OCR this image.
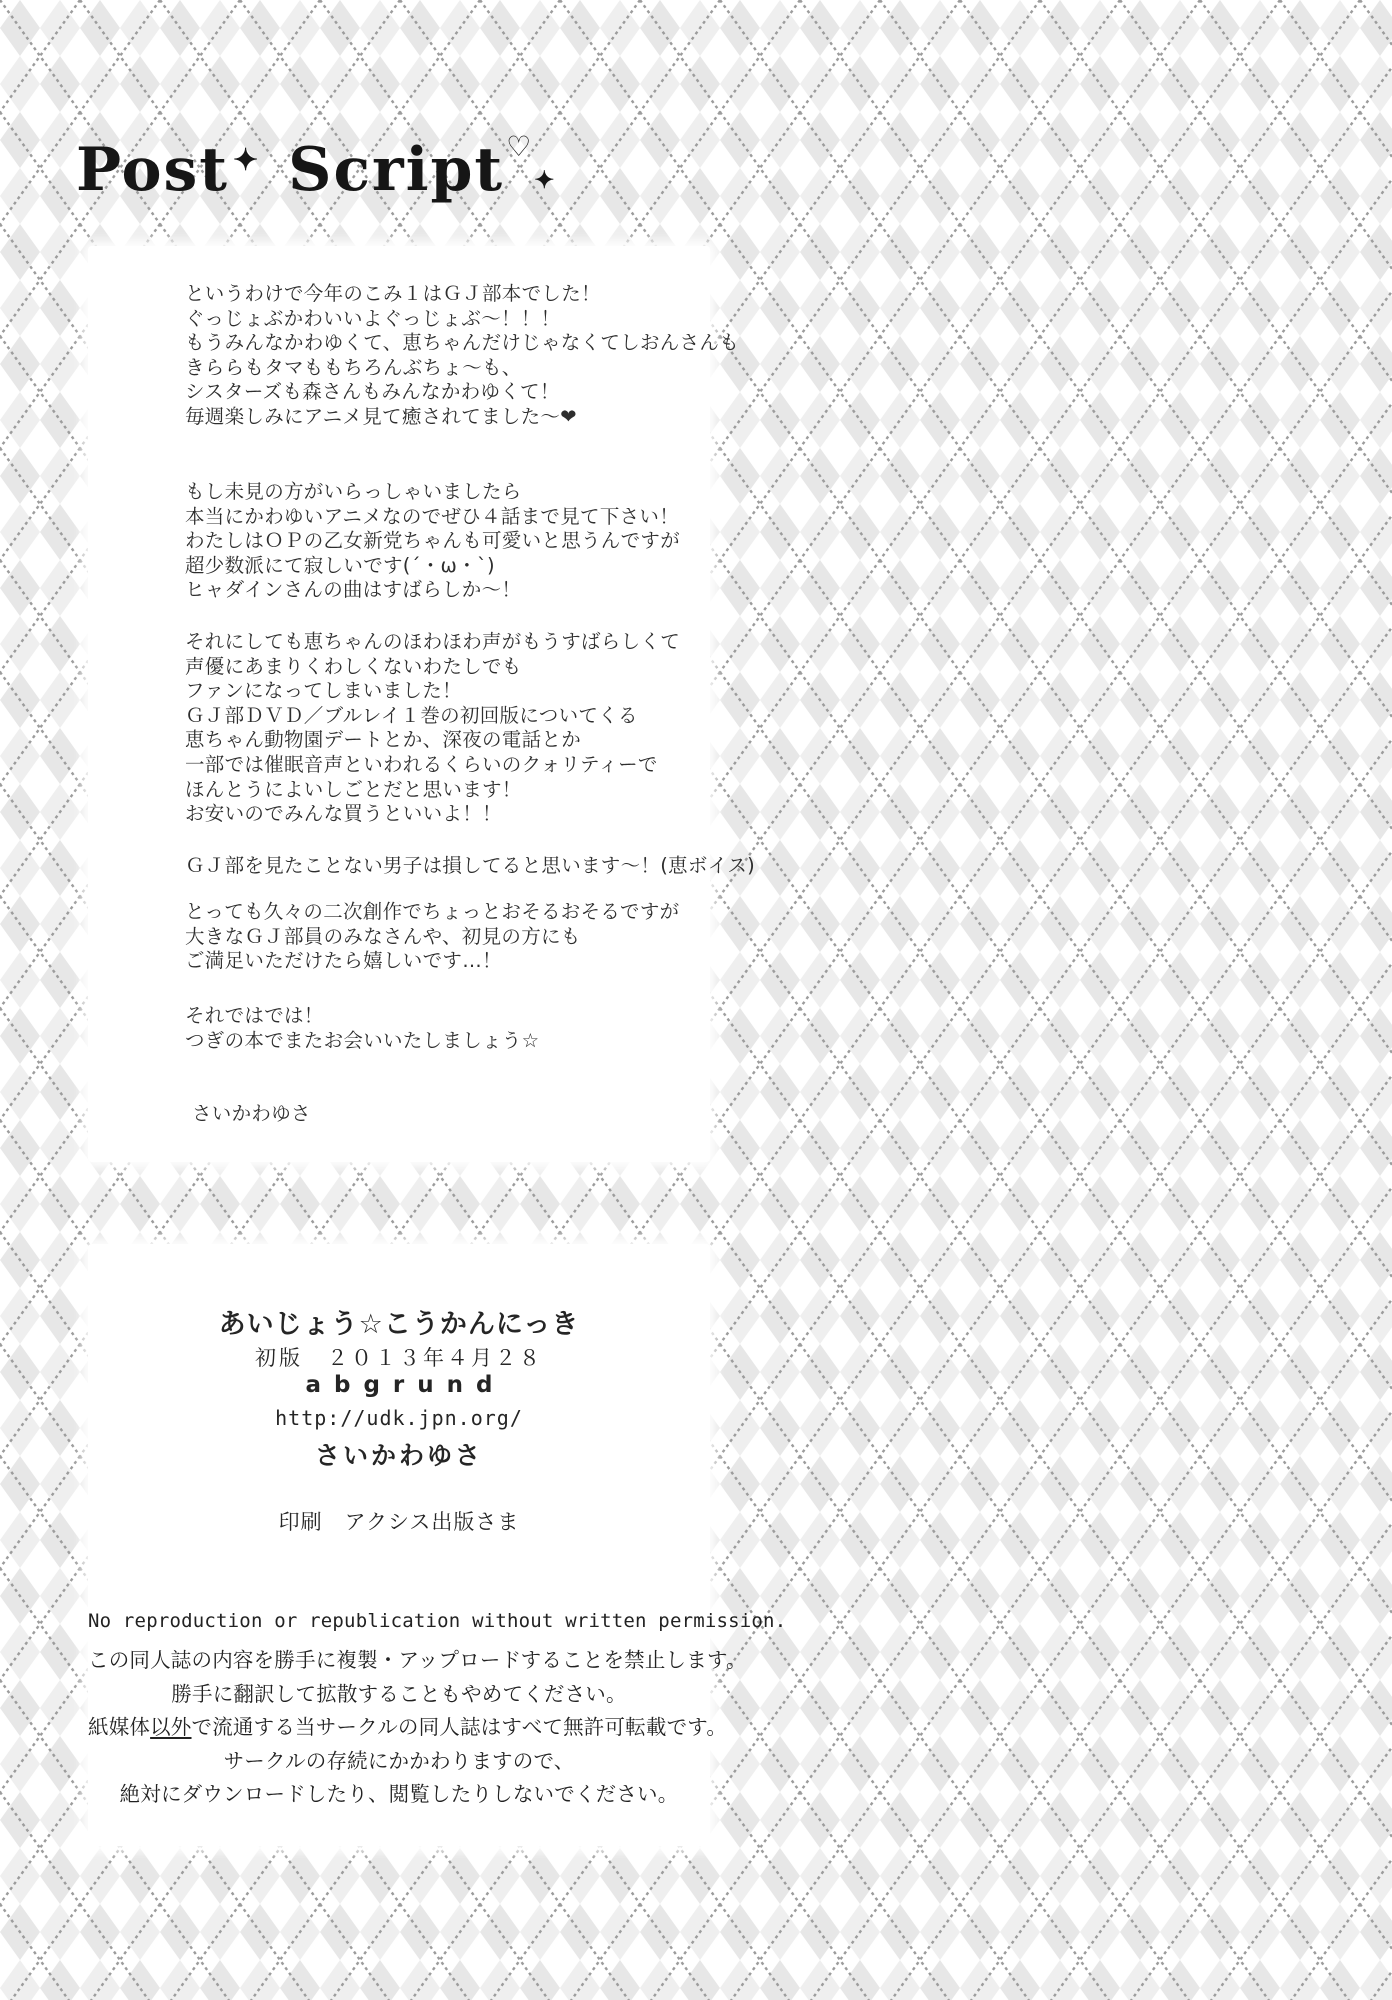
Post ✦ Script♡✦
というわけで今年のこみ１はＧＪ部本でした！
ぐっじょぶかわいいよぐっじょぶ〜！！！
もうみんなかわゆくて、恵ちゃんだけじゃなくてしおんさんも
きららもタマももちろんぶちょ〜も、
シスターズも森さんもみんなかわゆくて！
毎週楽しみにアニメ見て癒されてました〜❤
もし未見の方がいらっしゃいましたら
本当にかわゆいアニメなのでぜひ４話まで見て下さい！
わたしはＯＰの乙女新党ちゃんも可愛いと思うんですが
超少数派にて寂しいです(´・ω・`)
ヒャダインさんの曲はすばらしか〜！
それにしても恵ちゃんのほわほわ声がもうすばらしくて
声優にあまりくわしくないわたしでも
ファンになってしまいました！
ＧＪ部ＤＶＤ／ブルレイ１巻の初回版についてくる
恵ちゃん動物園デートとか、深夜の電話とか
一部では催眠音声といわれるくらいのクォリティーで
ほんとうによいしごとだと思います！
お安いのでみんな買うといいよ！！
ＧＪ部を見たことない男子は損してると思います〜！(恵ボイス)
とっても久々の二次創作でちょっとおそるおそるですが
大きなＧＪ部員のみなさんや、初見の方にも
ご満足いただけたら嬉しいです…！
それではでは！
つぎの本でまたお会いいたしましょう☆
さいかわゆさ
あいじょう☆こうかんにっき
初版　２０１３年４月２８
abgrund
http://udk.jpn.org/
さいかわゆさ
印刷　アクシス出版さま
No reproduction or republication without written permission.
この同人誌の内容を勝手に複製・アップロードすることを禁止します。
勝手に翻訳して拡散することもやめてください。
紙媒体以外で流通する当サークルの同人誌はすべて無許可転載です。
サークルの存続にかかわりますので、
絶対にダウンロードしたり、閲覧したりしないでください。
